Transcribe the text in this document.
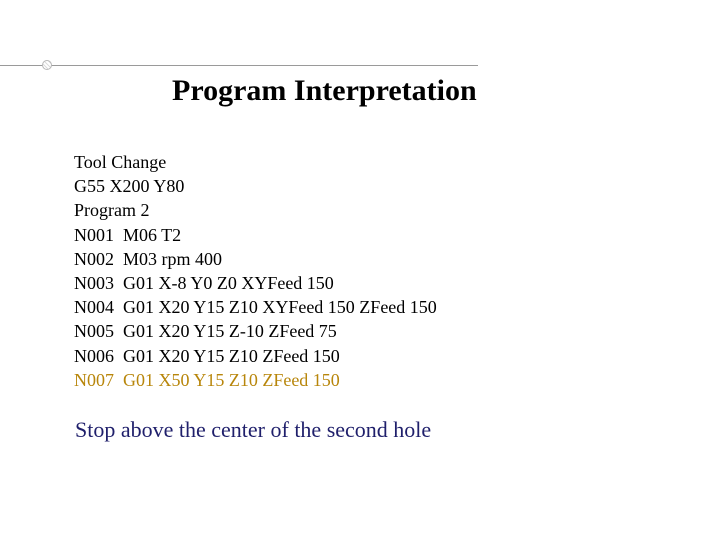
Program Interpretation
Tool Change
G55 X200 Y80
Program 2
N001  M06 T2
N002  M03 rpm 400
N003  G01 X-8 Y0 Z0 XYFeed 150
N004  G01 X20 Y15 Z10 XYFeed 150 ZFeed 150
N005  G01 X20 Y15 Z-10 ZFeed 75
N006  G01 X20 Y15 Z10 ZFeed 150
N007  G01 X50 Y15 Z10 ZFeed 150
Stop above the center of the second hole
